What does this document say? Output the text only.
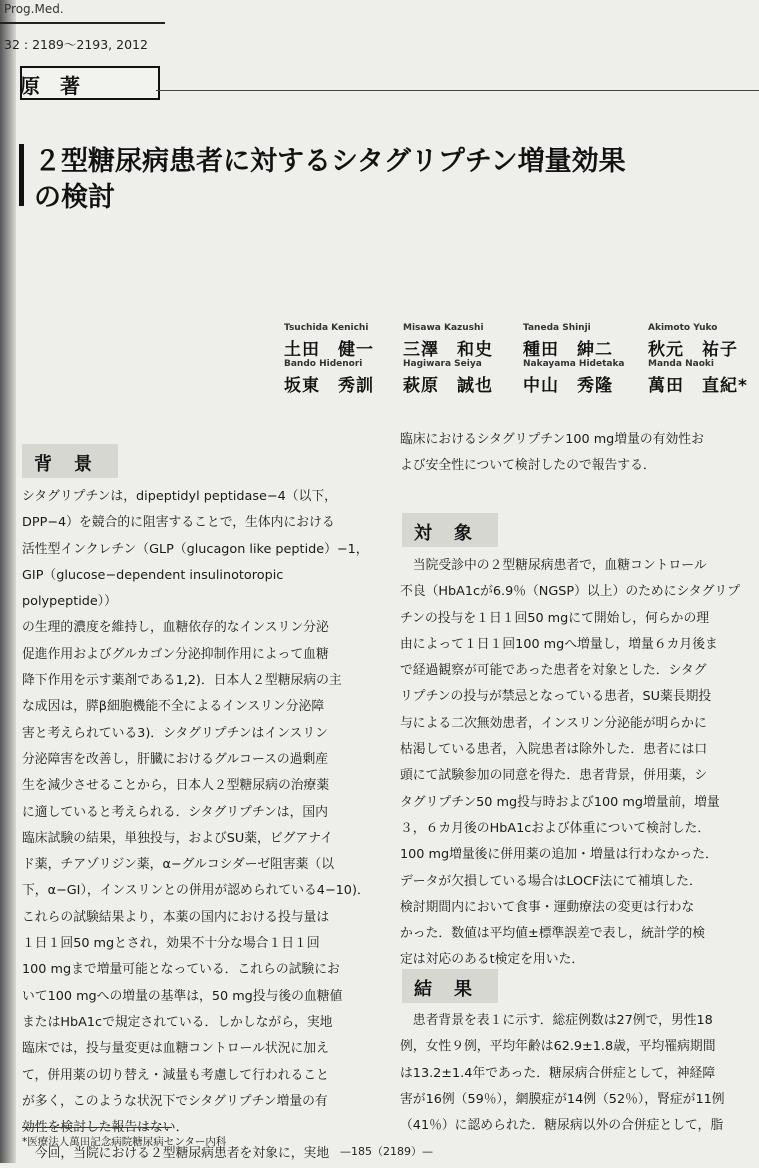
Prog.Med.
32 : 2189～2193, 2012
原著
２型糖尿病患者に対するシタグリプチン増量効果
の検討
Tsuchida Kenichi
土田　健一
Misawa Kazushi
三澤　和史
Taneda Shinji
種田　紳二
Akimoto Yuko
秋元　祐子
Bando Hidenori
坂東　秀訓
Hagiwara Seiya
萩原　誠也
Nakayama Hidetaka
中山　秀隆
Manda Naoki
萬田　直紀*
背景

シタグリプチンは，dipeptidyl peptidase−4（以下，

DPP−4）を競合的に阻害することで，生体内における

活性型インクレチン（GLP（glucagon like peptide）−1，

GIP（glucose−dependent insulinotoropic polypeptide））

の生理的濃度を維持し，血糖依存的なインスリン分泌

促進作用およびグルカゴン分泌抑制作用によって血糖

降下作用を示す薬剤である1,2)．日本人２型糖尿病の主

な成因は，膵β細胞機能不全によるインスリン分泌障

害と考えられている3)．シタグリプチンはインスリン

分泌障害を改善し，肝臓におけるグルコースの過剰産

生を減少させることから，日本人２型糖尿病の治療薬

に適していると考えられる．シタグリプチンは，国内

臨床試験の結果，単独投与，およびSU薬，ビグアナイ

ド薬，チアゾリジン薬，α−グルコシダーゼ阻害薬（以

下，α−GI），インスリンとの併用が認められている4−10)．

これらの試験結果より，本薬の国内における投与量は

１日１回50 mgとされ，効果不十分な場合１日１回

100 mgまで増量可能となっている．これらの試験にお

いて100 mgへの増量の基準は，50 mg投与後の血糖値

またはHbA1cで規定されている．しかしながら，実地

臨床では，投与量変更は血糖コントロール状況に加え

て，併用薬の切り替え・減量も考慮して行われること

が多く，このような状況下でシタグリプチン増量の有

効性を検討した報告はない．

　今回，当院における２型糖尿病患者を対象に，実地

臨床におけるシタグリプチン100 mg増量の有効性お

よび安全性について検討したので報告する．

対象

　当院受診中の２型糖尿病患者で，血糖コントロール

不良（HbA1cが6.9％（NGSP）以上）のためにシタグリプ

チンの投与を１日１回50 mgにて開始し，何らかの理

由によって１日１回100 mgへ増量し，増量６カ月後ま

で経過観察が可能であった患者を対象とした．シタグ

リプチンの投与が禁忌となっている患者，SU薬長期投

与による二次無効患者，インスリン分泌能が明らかに

枯渇している患者，入院患者は除外した．患者には口

頭にて試験参加の同意を得た．患者背景，併用薬，シ

タグリプチン50 mg投与時および100 mg増量前，増量

３，６カ月後のHbA1cおよび体重について検討した．

100 mg増量後に併用薬の追加・増量は行わなかった．

データが欠損している場合はLOCF法にて補填した．

検討期間内において食事・運動療法の変更は行わな

かった．数値は平均値±標準誤差で表し，統計学的検

定は対応のあるt検定を用いた．

結果

　患者背景を表１に示す．総症例数は27例で，男性18

例，女性９例，平均年齢は62.9±1.8歳，平均罹病期間

は13.2±1.4年であった．糖尿病合併症として，神経障

害が16例（59％），網膜症が14例（52％），腎症が11例

（41％）に認められた．糖尿病以外の合併症として，脂

*医療法人萬田記念病院糖尿病センター内科
—185（2189）—
